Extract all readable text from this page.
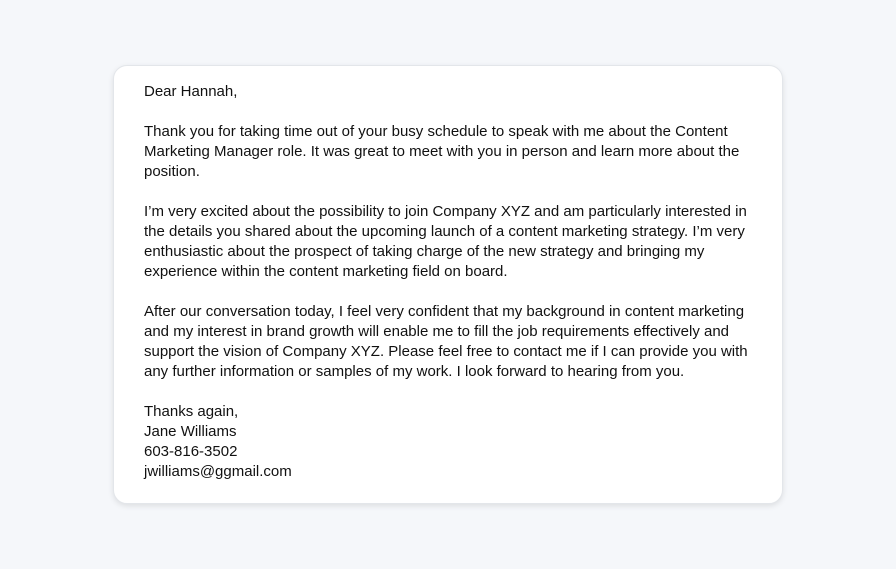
Dear Hannah,

Thank you for taking time out of your busy schedule to speak with me about the Content Marketing Manager role. It was great to meet with you in person and learn more about the position.

I’m very excited about the possibility to join Company XYZ and am particularly interested in the details you shared about the upcoming launch of a content marketing strategy. I’m very enthusiastic about the prospect of taking charge of the new strategy and bringing my experience within the content marketing field on board.

After our conversation today, I feel very confident that my background in content marketing and my interest in brand growth will enable me to fill the job requirements effectively and support the vision of Company XYZ. Please feel free to contact me if I can provide you with any further information or samples of my work. I look forward to hearing from you.

Thanks again,
Jane Williams
603-816-3502
jwilliams@ggmail.com
